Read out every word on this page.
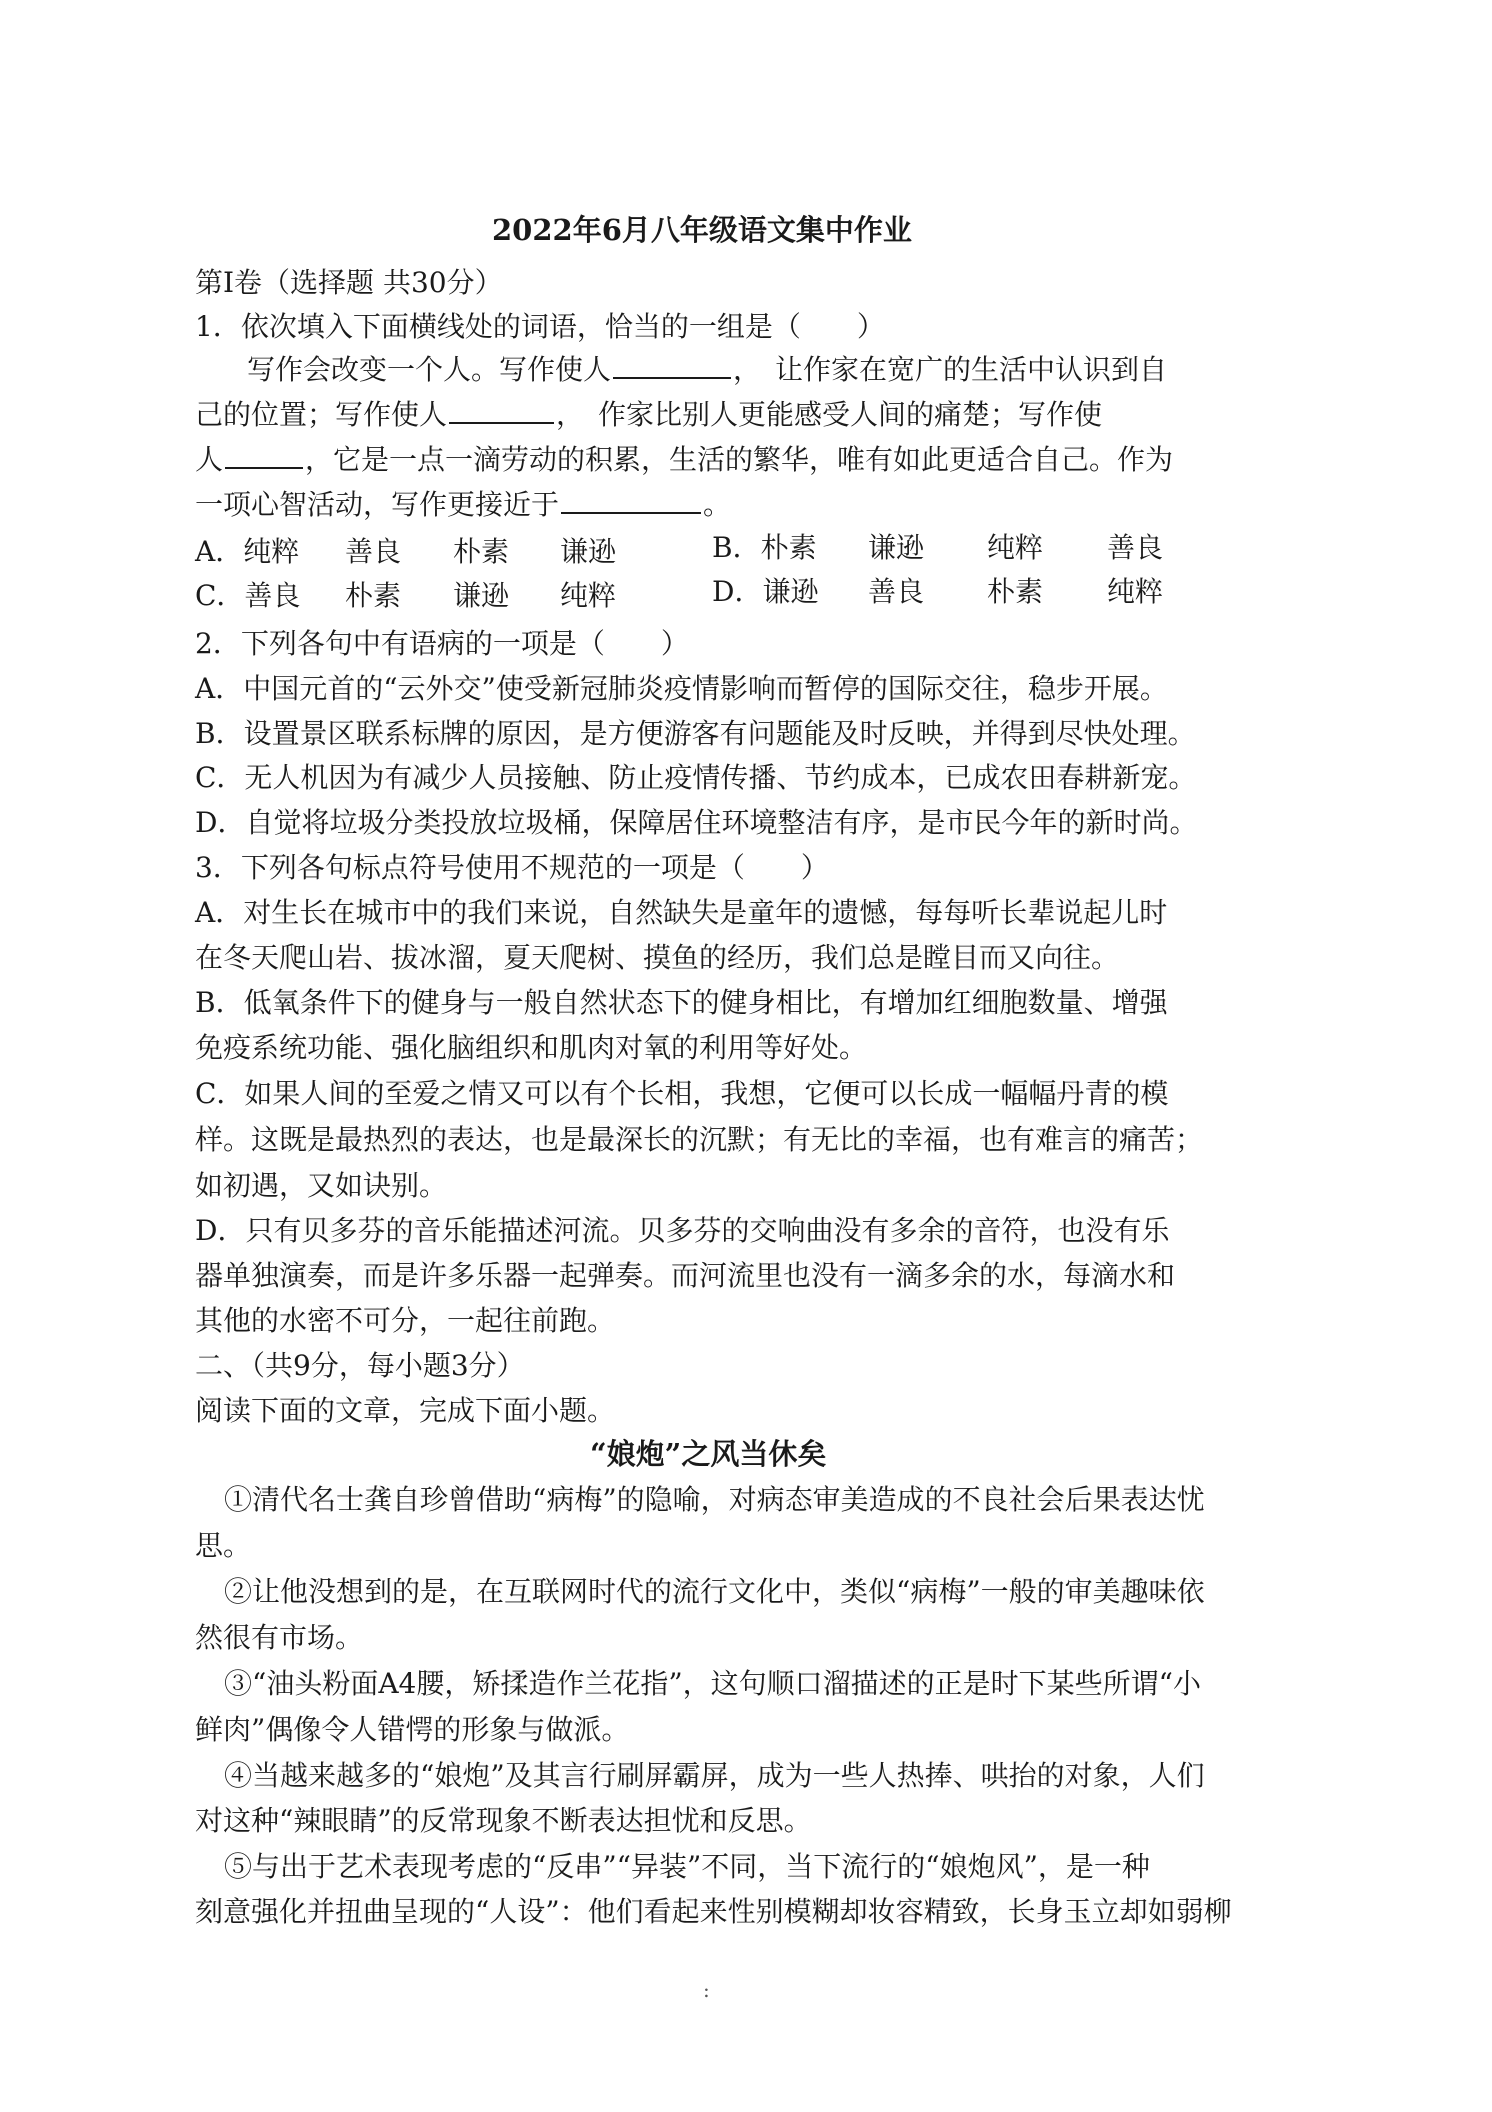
2022年6月八年级语文集中作业
第Ⅰ卷（选择题 共30分）
1．依次填入下面横线处的词语，恰当的一组是（　　）
写作会改变一个人。写作使人	，　让作家在宽广的生活中认识到自
己的位置；写作使人	，　作家比别人更能感受人间的痛楚；写作使
人	，它是一点一滴劳动的积累，生活的繁华，唯有如此更适合自己。作为
一项心智活动，写作更接近于	。
A．纯粹 善良 朴素 谦逊	B．朴素 谦逊 纯粹 善良
C．善良 朴素 谦逊 纯粹	D．谦逊 善良 朴素 纯粹
2．下列各句中有语病的一项是（　　）
A．中国元首的“云外交”使受新冠肺炎疫情影响而暂停的国际交往，稳步开展。
B．设置景区联系标牌的原因，是方便游客有问题能及时反映，并得到尽快处理。
C．无人机因为有减少人员接触、防止疫情传播、节约成本，已成农田春耕新宠。
D．自觉将垃圾分类投放垃圾桶，保障居住环境整洁有序，是市民今年的新时尚。
3．下列各句标点符号使用不规范的一项是（　　）
A．对生长在城市中的我们来说，自然缺失是童年的遗憾，每每听长辈说起儿时
在冬天爬山岩、拔冰溜，夏天爬树、摸鱼的经历，我们总是瞠目而又向往。
B．低氧条件下的健身与一般自然状态下的健身相比，有增加红细胞数量、增强
免疫系统功能、强化脑组织和肌肉对氧的利用等好处。
C．如果人间的至爱之情又可以有个长相，我想，它便可以长成一幅幅丹青的模
样。这既是最热烈的表达，也是最深长的沉默；有无比的幸福，也有难言的痛苦；
如初遇，又如诀别。
D．只有贝多芬的音乐能描述河流。贝多芬的交响曲没有多余的音符，也没有乐
器单独演奏，而是许多乐器一起弹奏。而河流里也没有一滴多余的水，每滴水和
其他的水密不可分，一起往前跑。
二、（共9分，每小题3分）
阅读下面的文章，完成下面小题。
“娘炮”之风当休矣
①清代名士龚自珍曾借助“病梅”的隐喻，对病态审美造成的不良社会后果表达忧
思。
②让他没想到的是，在互联网时代的流行文化中，类似“病梅”一般的审美趣味依
然很有市场。
③“油头粉面A4腰，矫揉造作兰花指”，这句顺口溜描述的正是时下某些所谓“小
鲜肉”偶像令人错愕的形象与做派。
④当越来越多的“娘炮”及其言行刷屏霸屏，成为一些人热捧、哄抬的对象，人们
对这种“辣眼睛”的反常现象不断表达担忧和反思。
⑤与出于艺术表现考虑的“反串”“异装”不同，当下流行的“娘炮风”，是一种
刻意强化并扭曲呈现的“人设”：他们看起来性别模糊却妆容精致，长身玉立却如弱柳
:
